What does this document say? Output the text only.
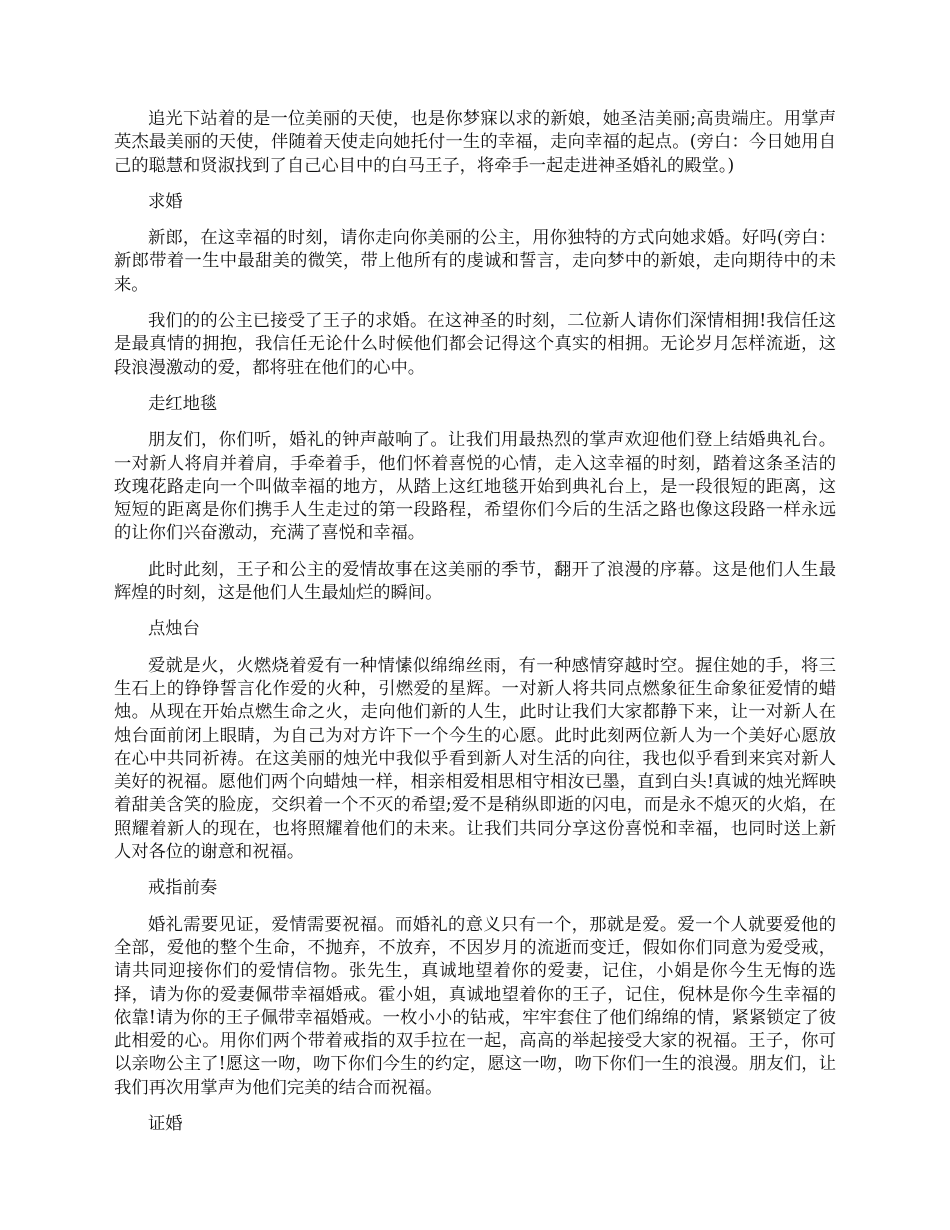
追光下站着的是一位美丽的天使，也是你梦寐以求的新娘，她圣洁美丽;高贵端庄。用掌声英杰最美丽的天使，伴随着天使走向她托付一生的幸福，走向幸福的起点。(旁白：今日她用自己的聪慧和贤淑找到了自己心目中的白马王子，将牵手一起走进神圣婚礼的殿堂。)

求婚

新郎，在这幸福的时刻，请你走向你美丽的公主，用你独特的方式向她求婚。好吗(旁白：新郎带着一生中最甜美的微笑，带上他所有的虔诚和誓言，走向梦中的新娘，走向期待中的未来。

我们的的公主已接受了王子的求婚。在这神圣的时刻，二位新人请你们深情相拥!我信任这是最真情的拥抱，我信任无论什么时候他们都会记得这个真实的相拥。无论岁月怎样流逝，这段浪漫激动的爱，都将驻在他们的心中。

走红地毯

朋友们，你们听，婚礼的钟声敲响了。让我们用最热烈的掌声欢迎他们登上结婚典礼台。一对新人将肩并着肩，手牵着手，他们怀着喜悦的心情，走入这幸福的时刻，踏着这条圣洁的玫瑰花路走向一个叫做幸福的地方，从踏上这红地毯开始到典礼台上，是一段很短的距离，这短短的距离是你们携手人生走过的第一段路程，希望你们今后的生活之路也像这段路一样永远的让你们兴奋激动，充满了喜悦和幸福。

此时此刻，王子和公主的爱情故事在这美丽的季节，翻开了浪漫的序幕。这是他们人生最辉煌的时刻，这是他们人生最灿烂的瞬间。

点烛台

爱就是火，火燃烧着爱有一种情愫似绵绵丝雨，有一种感情穿越时空。握住她的手，将三生石上的铮铮誓言化作爱的火种，引燃爱的星辉。一对新人将共同点燃象征生命象征爱情的蜡烛。从现在开始点燃生命之火，走向他们新的人生，此时让我们大家都静下来，让一对新人在烛台面前闭上眼睛，为自己为对方许下一个今生的心愿。此时此刻两位新人为一个美好心愿放在心中共同祈祷。在这美丽的烛光中我似乎看到新人对生活的向往，我也似乎看到来宾对新人美好的祝福。愿他们两个向蜡烛一样，相亲相爱相思相守相汝已墨，直到白头!真诚的烛光辉映着甜美含笑的脸庞，交织着一个不灭的希望;爱不是稍纵即逝的闪电，而是永不熄灭的火焰，在照耀着新人的现在，也将照耀着他们的未来。让我们共同分享这份喜悦和幸福，也同时送上新人对各位的谢意和祝福。

戒指前奏

婚礼需要见证，爱情需要祝福。而婚礼的意义只有一个，那就是爱。爱一个人就要爱他的全部，爱他的整个生命，不抛弃，不放弃，不因岁月的流逝而变迁，假如你们同意为爱受戒，请共同迎接你们的爱情信物。张先生，真诚地望着你的爱妻，记住，小娟是你今生无悔的选择，请为你的爱妻佩带幸福婚戒。霍小姐，真诚地望着你的王子，记住，倪林是你今生幸福的依靠!请为你的王子佩带幸福婚戒。一枚小小的钻戒，牢牢套住了他们绵绵的情，紧紧锁定了彼此相爱的心。用你们两个带着戒指的双手拉在一起，高高的举起接受大家的祝福。王子，你可以亲吻公主了!愿这一吻，吻下你们今生的约定，愿这一吻，吻下你们一生的浪漫。朋友们，让我们再次用掌声为他们完美的结合而祝福。

证婚
